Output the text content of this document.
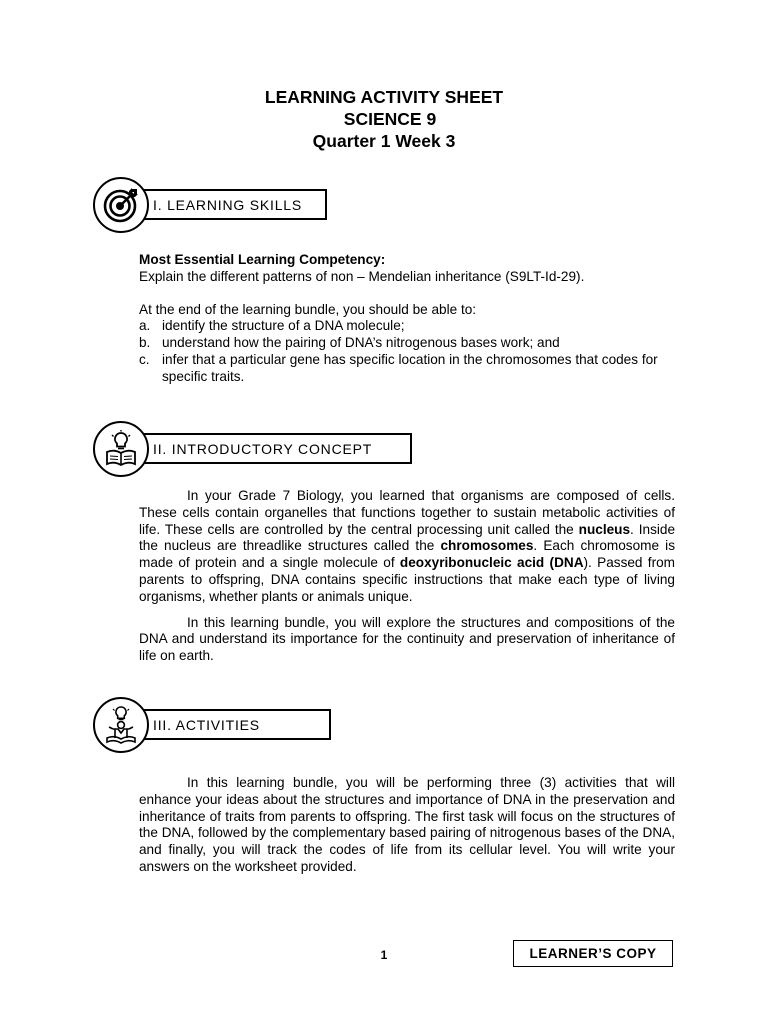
LEARNING ACTIVITY SHEET
SCIENCE 9
Quarter 1 Week 3
I. LEARNING SKILLS
Most Essential Learning Competency:
Explain the different patterns of non – Mendelian inheritance (S9LT-Id-29).
At the end of the learning bundle, you should be able to:
a. identify the structure of a DNA molecule;
b. understand how the pairing of DNA’s nitrogenous bases work; and
c. infer that a particular gene has specific location in the chromosomes that codes for specific traits.
II. INTRODUCTORY CONCEPT

In your Grade 7 Biology, you learned that organisms are composed of cells. These cells contain organelles that functions together to sustain metabolic activities of life. These cells are controlled by the central processing unit called the nucleus. Inside the nucleus are threadlike structures called the chromosomes. Each chromosome is made of protein and a single molecule of deoxyribonucleic acid (DNA). Passed from parents to offspring, DNA contains specific instructions that make each type of living organisms, whether plants or animals unique.

In this learning bundle, you will explore the structures and compositions of the DNA and understand its importance for the continuity and preservation of inheritance of life on earth.

III. ACTIVITIES

In this learning bundle, you will be performing three (3) activities that will enhance your ideas about the structures and importance of DNA in the preservation and inheritance of traits from parents to offspring. The first task will focus on the structures of the DNA, followed by the complementary based pairing of nitrogenous bases of the DNA, and finally, you will track the codes of life from its cellular level. You will write your answers on the worksheet provided.

1	LEARNER’S COPY
